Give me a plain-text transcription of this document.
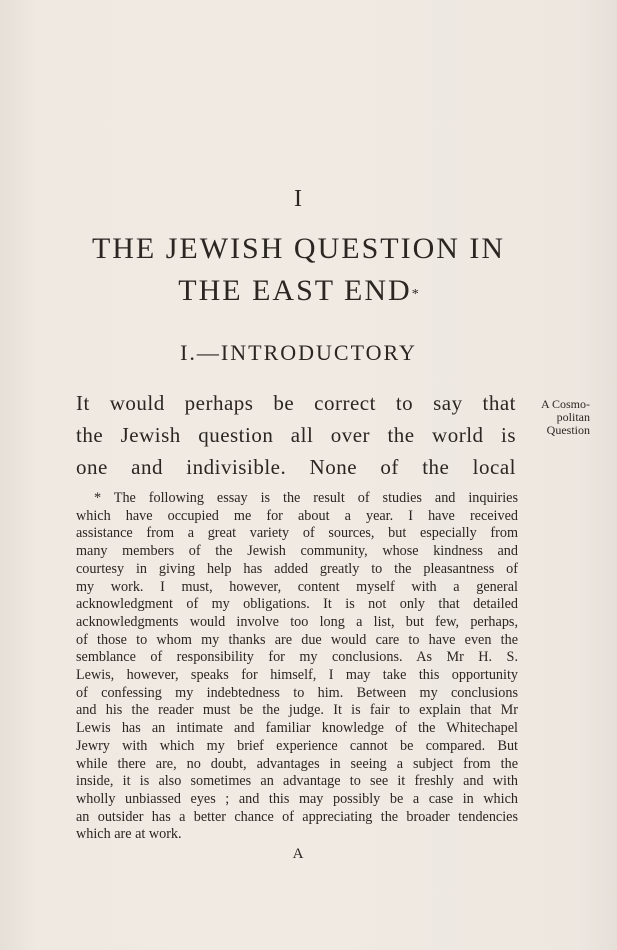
I
THE JEWISH QUESTION IN
THE EAST END*
I.—INTRODUCTORY
It would perhaps be correct to say that
the Jewish question all over the world is
one and indivisible. None of the local
A Cosmo-
politan
Question
* The following essay is the result of studies and inquiries
which have occupied me for about a year. I have received
assistance from a great variety of sources, but especially from
many members of the Jewish community, whose kindness and
courtesy in giving help has added greatly to the pleasantness of
my work. I must, however, content myself with a general
acknowledgment of my obligations. It is not only that detailed
acknowledgments would involve too long a list, but few, perhaps,
of those to whom my thanks are due would care to have even the
semblance of responsibility for my conclusions. As Mr H. S.
Lewis, however, speaks for himself, I may take this opportunity
of confessing my indebtedness to him. Between my conclusions
and his the reader must be the judge. It is fair to explain that Mr
Lewis has an intimate and familiar knowledge of the Whitechapel
Jewry with which my brief experience cannot be compared. But
while there are, no doubt, advantages in seeing a subject from the
inside, it is also sometimes an advantage to see it freshly and with
wholly unbiassed eyes ; and this may possibly be a case in which
an outsider has a better chance of appreciating the broader tendencies
which are at work.
A
